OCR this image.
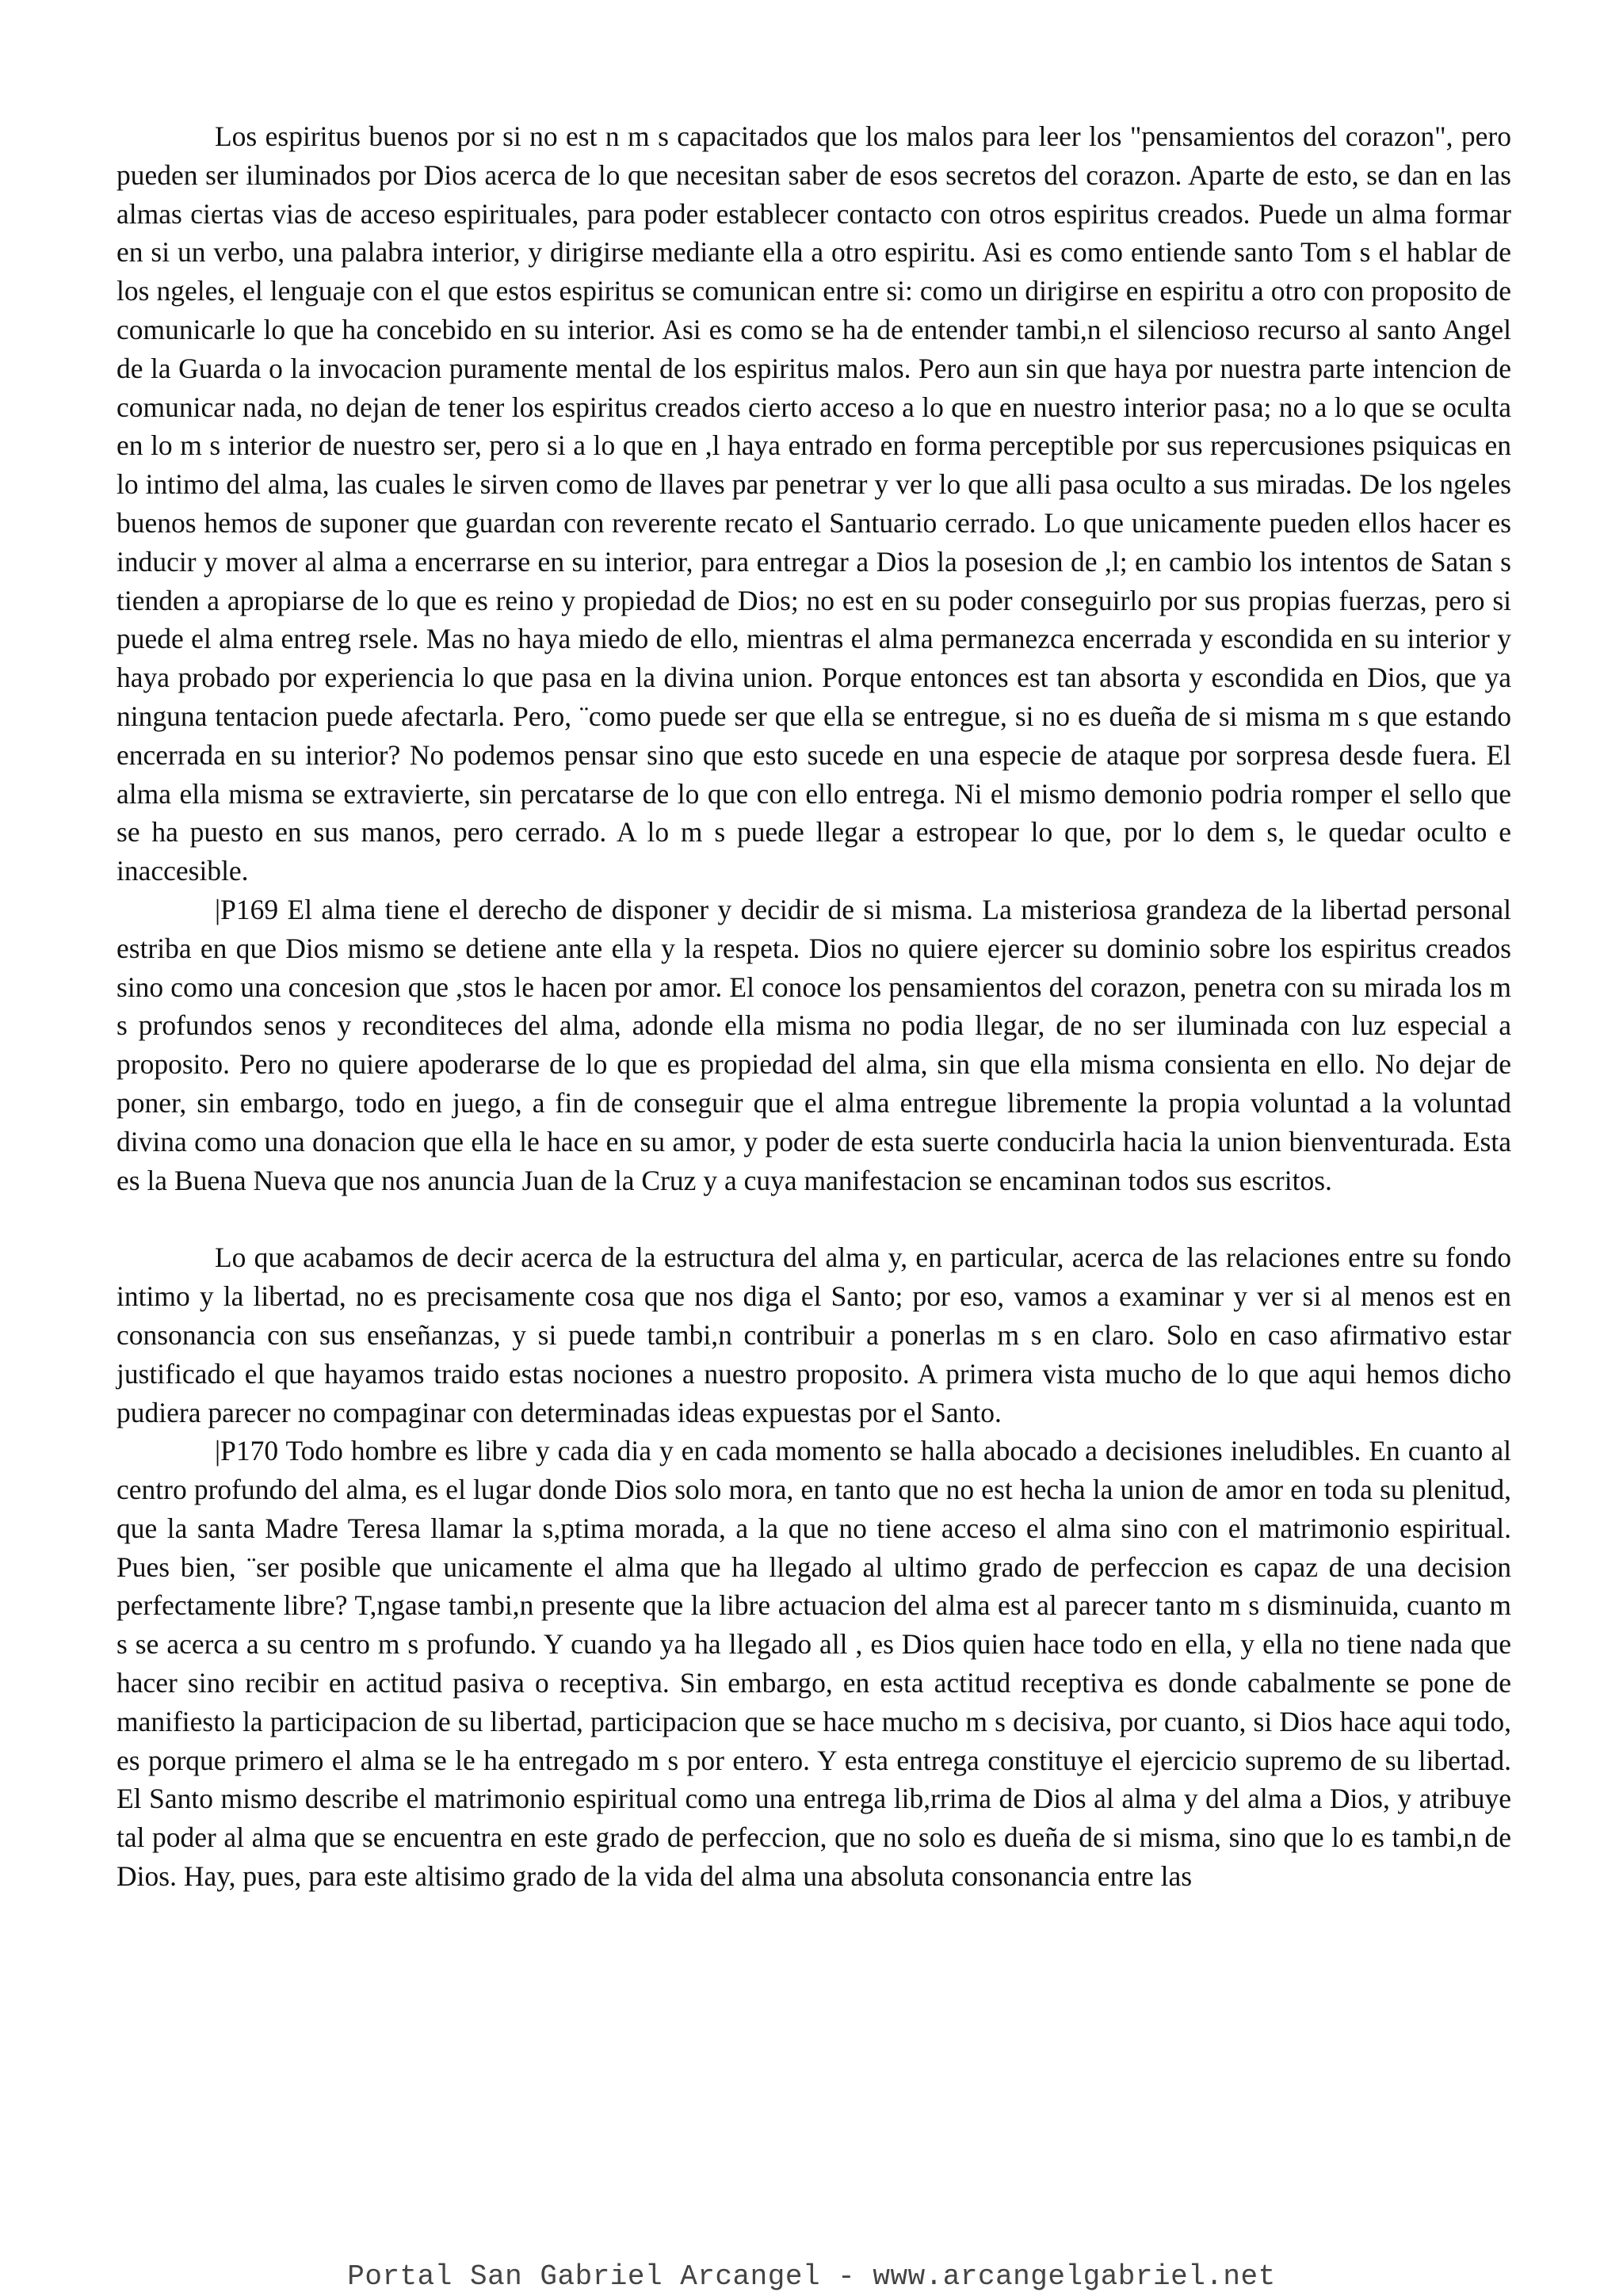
Los espiritus buenos por si no est n m s capacitados que los malos para leer los "pensamientos del corazon", pero pueden ser iluminados por Dios acerca de lo que necesitan saber de esos secretos del corazon. Aparte de esto, se dan en las almas ciertas vias de acceso espirituales, para poder establecer contacto con otros espiritus creados. Puede un alma formar en si un verbo, una palabra interior, y dirigirse mediante ella a otro espiritu. Asi es como entiende santo Tom s el hablar de los ngeles, el lenguaje con el que estos espiritus se comunican entre si: como un dirigirse en espiritu a otro con proposito de comunicarle lo que ha concebido en su interior. Asi es como se ha de entender tambi,n el silencioso recurso al santo Angel de la Guarda o la invocacion puramente mental de los espiritus malos. Pero aun sin que haya por nuestra parte intencion de comunicar nada, no dejan de tener los espiritus creados cierto acceso a lo que en nuestro interior pasa; no a lo que se oculta en lo m s interior de nuestro ser, pero si a lo que en ,l haya entrado en forma perceptible por sus repercusiones psiquicas en lo intimo del alma, las cuales le sirven como de llaves par penetrar y ver lo que alli pasa oculto a sus miradas. De los ngeles buenos hemos de suponer que guardan con reverente recato el Santuario cerrado. Lo que unicamente pueden ellos hacer es inducir y mover al alma a encerrarse en su interior, para entregar a Dios la posesion de ,l; en cambio los intentos de Satan s tienden a apropiarse de lo que es reino y propiedad de Dios; no est en su poder conseguirlo por sus propias fuerzas, pero si puede el alma entreg rsele. Mas no haya miedo de ello, mientras el alma permanezca encerrada y escondida en su interior y haya probado por experiencia lo que pasa en la divina union. Porque entonces est tan absorta y escondida en Dios, que ya ninguna tentacion puede afectarla. Pero, ¨como puede ser que ella se entregue, si no es dueña de si misma m s que estando encerrada en su interior? No podemos pensar sino que esto sucede en una especie de ataque por sorpresa desde fuera. El alma ella misma se extravierte, sin percatarse de lo que con ello entrega. Ni el mismo demonio podria romper el sello que se ha puesto en sus manos, pero cerrado. A lo m s puede llegar a estropear lo que, por lo dem s, le quedar oculto e inaccesible.

|P169 El alma tiene el derecho de disponer y decidir de si misma. La misteriosa grandeza de la libertad personal estriba en que Dios mismo se detiene ante ella y la respeta. Dios no quiere ejercer su dominio sobre los espiritus creados sino como una concesion que ,stos le hacen por amor. El conoce los pensamientos del corazon, penetra con su mirada los m s profundos senos y reconditeces del alma, adonde ella misma no podia llegar, de no ser iluminada con luz especial a proposito. Pero no quiere apoderarse de lo que es propiedad del alma, sin que ella misma consienta en ello. No dejar de poner, sin embargo, todo en juego, a fin de conseguir que el alma entregue libremente la propia voluntad a la voluntad divina como una donacion que ella le hace en su amor, y poder de esta suerte conducirla hacia la union bienventurada. Esta es la Buena Nueva que nos anuncia Juan de la Cruz y a cuya manifestacion se encaminan todos sus escritos.

Lo que acabamos de decir acerca de la estructura del alma y, en particular, acerca de las relaciones entre su fondo intimo y la libertad, no es precisamente cosa que nos diga el Santo; por eso, vamos a examinar y ver si al menos est en consonancia con sus enseñanzas, y si puede tambi,n contribuir a ponerlas m s en claro. Solo en caso afirmativo estar justificado el que hayamos traido estas nociones a nuestro proposito. A primera vista mucho de lo que aqui hemos dicho pudiera parecer no compaginar con determinadas ideas expuestas por el Santo.

|P170 Todo hombre es libre y cada dia y en cada momento se halla abocado a decisiones ineludibles. En cuanto al centro profundo del alma, es el lugar donde Dios solo mora, en tanto que no est hecha la union de amor en toda su plenitud, que la santa Madre Teresa llamar la s,ptima morada, a la que no tiene acceso el alma sino con el matrimonio espiritual. Pues bien, ¨ser posible que unicamente el alma que ha llegado al ultimo grado de perfeccion es capaz de una decision perfectamente libre? T,ngase tambi,n presente que la libre actuacion del alma est al parecer tanto m s disminuida, cuanto m s se acerca a su centro m s profundo. Y cuando ya ha llegado all , es Dios quien hace todo en ella, y ella no tiene nada que hacer sino recibir en actitud pasiva o receptiva. Sin embargo, en esta actitud receptiva es donde cabalmente se pone de manifiesto la participacion de su libertad, participacion que se hace mucho m s decisiva, por cuanto, si Dios hace aqui todo, es porque primero el alma se le ha entregado m s por entero. Y esta entrega constituye el ejercicio supremo de su libertad. El Santo mismo describe el matrimonio espiritual como una entrega lib,rrima de Dios al alma y del alma a Dios, y atribuye tal poder al alma que se encuentra en este grado de perfeccion, que no solo es dueña de si misma, sino que lo es tambi,n de Dios. Hay, pues, para este altisimo grado de la vida del alma una absoluta consonancia entre las

Portal San Gabriel Arcangel - www.arcangelgabriel.net
